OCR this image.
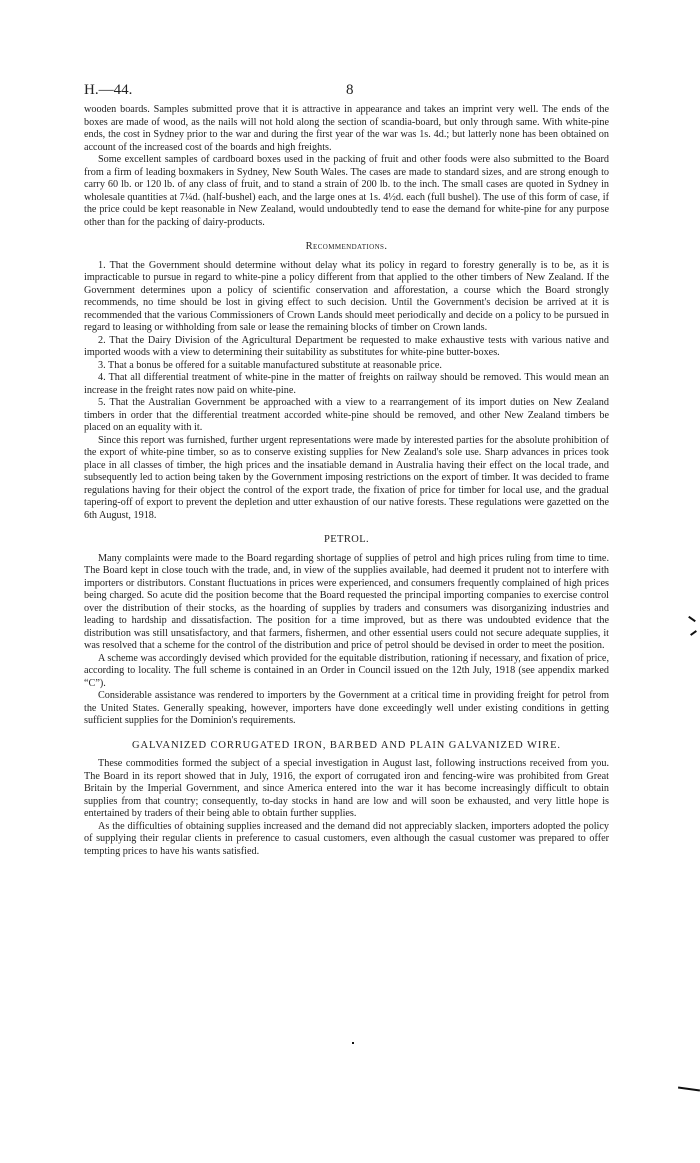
H.—44.	8

wooden boards. Samples submitted prove that it is attractive in appearance and takes an imprint very well. The ends of the boxes are made of wood, as the nails will not hold along the section of scandia-board, but only through same. With white-pine ends, the cost in Sydney prior to the war and during the first year of the war was 1s. 4d.; but latterly none has been obtained on account of the increased cost of the boards and high freights.

Some excellent samples of cardboard boxes used in the packing of fruit and other foods were also submitted to the Board from a firm of leading boxmakers in Sydney, New South Wales. The cases are made to standard sizes, and are strong enough to carry 60 lb. or 120 lb. of any class of fruit, and to stand a strain of 200 lb. to the inch. The small cases are quoted in Sydney in wholesale quantities at 7¼d. (half-bushel) each, and the large ones at 1s. 4½d. each (full bushel). The use of this form of case, if the price could be kept reasonable in New Zealand, would undoubtedly tend to ease the demand for white-pine for any purpose other than for the packing of dairy-products.

Recommendations.

1. That the Government should determine without delay what its policy in regard to forestry generally is to be, as it is impracticable to pursue in regard to white-pine a policy different from that applied to the other timbers of New Zealand. If the Government determines upon a policy of scientific conservation and afforestation, a course which the Board strongly recommends, no time should be lost in giving effect to such decision. Until the Government's decision be arrived at it is recommended that the various Commissioners of Crown Lands should meet periodically and decide on a policy to be pursued in regard to leasing or withholding from sale or lease the remaining blocks of timber on Crown lands.

2. That the Dairy Division of the Agricultural Department be requested to make exhaustive tests with various native and imported woods with a view to determining their suitability as substitutes for white-pine butter-boxes.

3. That a bonus be offered for a suitable manufactured substitute at reasonable price.

4. That all differential treatment of white-pine in the matter of freights on railway should be removed. This would mean an increase in the freight rates now paid on white-pine.

5. That the Australian Government be approached with a view to a rearrangement of its import duties on New Zealand timbers in order that the differential treatment accorded white-pine should be removed, and other New Zealand timbers be placed on an equality with it.

Since this report was furnished, further urgent representations were made by interested parties for the absolute prohibition of the export of white-pine timber, so as to conserve existing supplies for New Zealand's sole use. Sharp advances in prices took place in all classes of timber, the high prices and the insatiable demand in Australia having their effect on the local trade, and subsequently led to action being taken by the Government imposing restrictions on the export of timber. It was decided to frame regulations having for their object the control of the export trade, the fixation of price for timber for local use, and the gradual tapering-off of export to prevent the depletion and utter exhaustion of our native forests. These regulations were gazetted on the 6th August, 1918.

PETROL.

Many complaints were made to the Board regarding shortage of supplies of petrol and high prices ruling from time to time. The Board kept in close touch with the trade, and, in view of the supplies available, had deemed it prudent not to interfere with importers or distributors. Constant fluctuations in prices were experienced, and consumers frequently complained of high prices being charged. So acute did the position become that the Board requested the principal importing companies to exercise control over the distribution of their stocks, as the hoarding of supplies by traders and consumers was disorganizing industries and leading to hardship and dissatisfaction. The position for a time improved, but as there was undoubted evidence that the distribution was still unsatisfactory, and that farmers, fishermen, and other essential users could not secure adequate supplies, it was resolved that a scheme for the control of the distribution and price of petrol should be devised in order to meet the position.

A scheme was accordingly devised which provided for the equitable distribution, rationing if necessary, and fixation of price, according to locality. The full scheme is contained in an Order in Council issued on the 12th July, 1918 (see appendix marked “C”).

Considerable assistance was rendered to importers by the Government at a critical time in providing freight for petrol from the United States. Generally speaking, however, importers have done exceedingly well under existing conditions in getting sufficient supplies for the Dominion's requirements.

GALVANIZED CORRUGATED IRON, BARBED AND PLAIN GALVANIZED WIRE.

These commodities formed the subject of a special investigation in August last, following instructions received from you. The Board in its report showed that in July, 1916, the export of corrugated iron and fencing-wire was prohibited from Great Britain by the Imperial Government, and since America entered into the war it has become increasingly difficult to obtain supplies from that country; consequently, to-day stocks in hand are low and will soon be exhausted, and very little hope is entertained by traders of their being able to obtain further supplies.

As the difficulties of obtaining supplies increased and the demand did not appreciably slacken, importers adopted the policy of supplying their regular clients in preference to casual customers, even although the casual customer was prepared to offer tempting prices to have his wants satisfied.
